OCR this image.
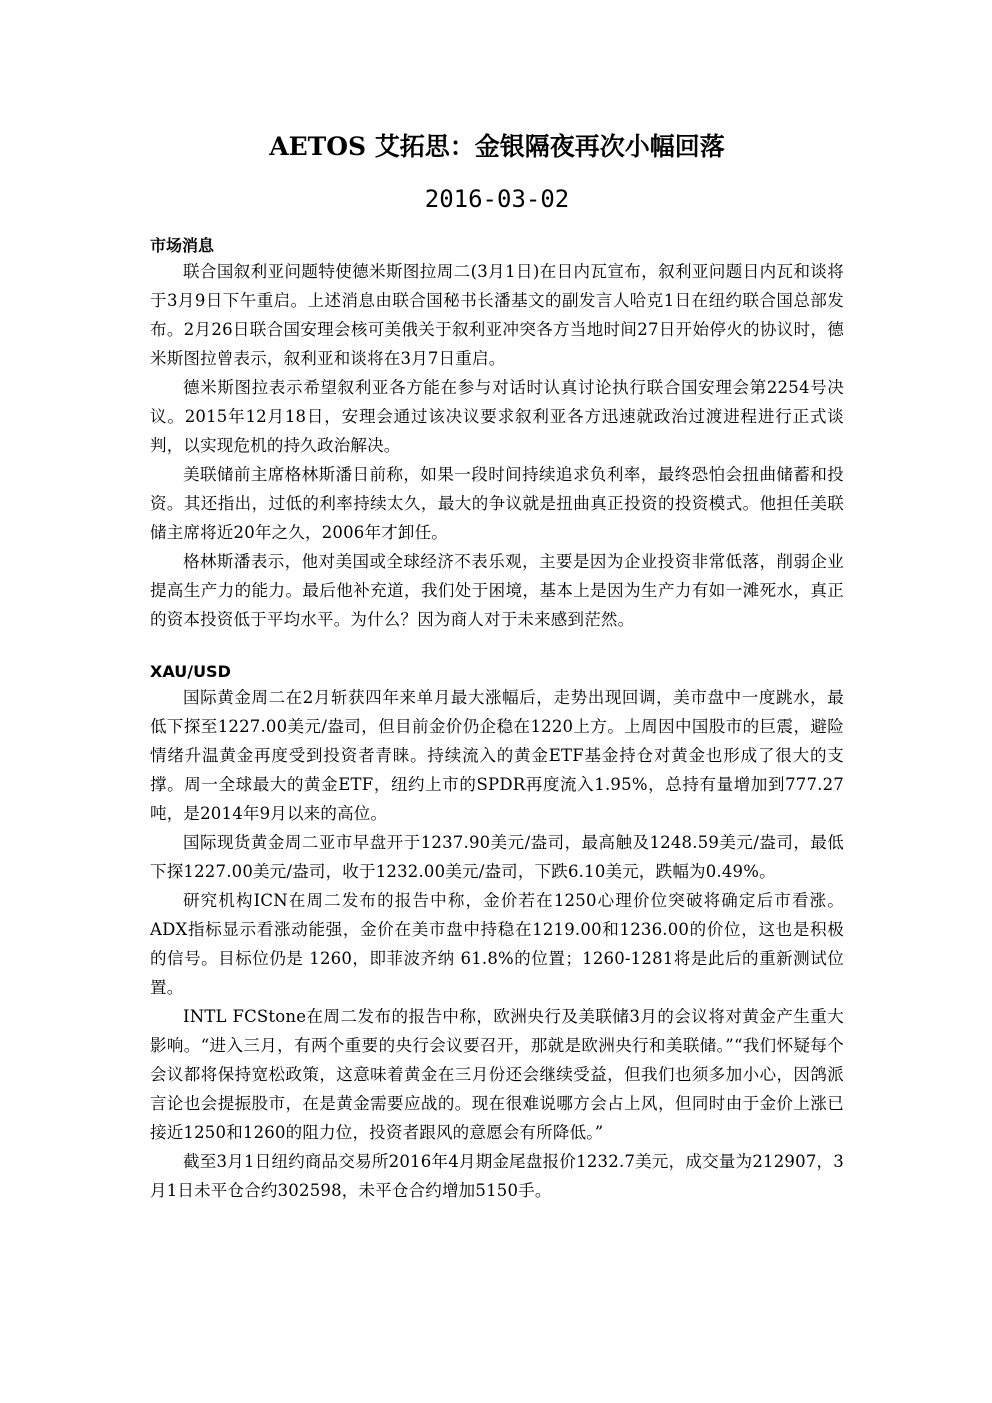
AETOS 艾拓思：金银隔夜再次小幅回落
2016-03-02
市场消息

联合国叙利亚问题特使德米斯图拉周二(3月1日)在日内瓦宣布，叙利亚问题日内瓦和谈将于3月9日下午重启。上述消息由联合国秘书长潘基文的副发言人哈克1日在纽约联合国总部发布。2月26日联合国安理会核可美俄关于叙利亚冲突各方当地时间27日开始停火的协议时，德米斯图拉曾表示，叙利亚和谈将在3月7日重启。

德米斯图拉表示希望叙利亚各方能在参与对话时认真讨论执行联合国安理会第2254号决议。2015年12月18日，安理会通过该决议要求叙利亚各方迅速就政治过渡进程进行正式谈判，以实现危机的持久政治解决。

美联储前主席格林斯潘日前称，如果一段时间持续追求负利率，最终恐怕会扭曲储蓄和投资。其还指出，过低的利率持续太久，最大的争议就是扭曲真正投资的投资模式。他担任美联储主席将近20年之久，2006年才卸任。

格林斯潘表示，他对美国或全球经济不表乐观，主要是因为企业投资非常低落，削弱企业提高生产力的能力。最后他补充道，我们处于困境，基本上是因为生产力有如一滩死水，真正的资本投资低于平均水平。为什么？因为商人对于未来感到茫然。

XAU/USD

国际黄金周二在2月斩获四年来单月最大涨幅后，走势出现回调，美市盘中一度跳水，最低下探至1227.00美元/盎司，但目前金价仍企稳在1220上方。上周因中国股市的巨震，避险情绪升温黄金再度受到投资者青睐。持续流入的黄金ETF基金持仓对黄金也形成了很大的支撑。周一全球最大的黄金ETF，纽约上市的SPDR再度流入1.95%，总持有量增加到777.27吨，是2014年9月以来的高位。

国际现货黄金周二亚市早盘开于1237.90美元/盎司，最高触及1248.59美元/盎司，最低下探1227.00美元/盎司，收于1232.00美元/盎司，下跌6.10美元，跌幅为0.49%。

研究机构ICN在周二发布的报告中称，金价若在1250心理价位突破将确定后市看涨。ADX指标显示看涨动能强，金价在美市盘中持稳在1219.00和1236.00的价位，这也是积极的信号。目标位仍是 1260，即菲波齐纳 61.8%的位置；1260-1281将是此后的重新测试位置。

INTL FCStone在周二发布的报告中称，欧洲央行及美联储3月的会议将对黄金产生重大影响。“进入三月，有两个重要的央行会议要召开，那就是欧洲央行和美联储。”“我们怀疑每个会议都将保持宽松政策，这意味着黄金在三月份还会继续受益，但我们也须多加小心，因鸽派言论也会提振股市，在是黄金需要应战的。现在很难说哪方会占上风，但同时由于金价上涨已接近1250和1260的阻力位，投资者跟风的意愿会有所降低。”

截至3月1日纽约商品交易所2016年4月期金尾盘报价1232.7美元，成交量为212907，3月1日未平仓合约302598，未平仓合约增加5150手。
